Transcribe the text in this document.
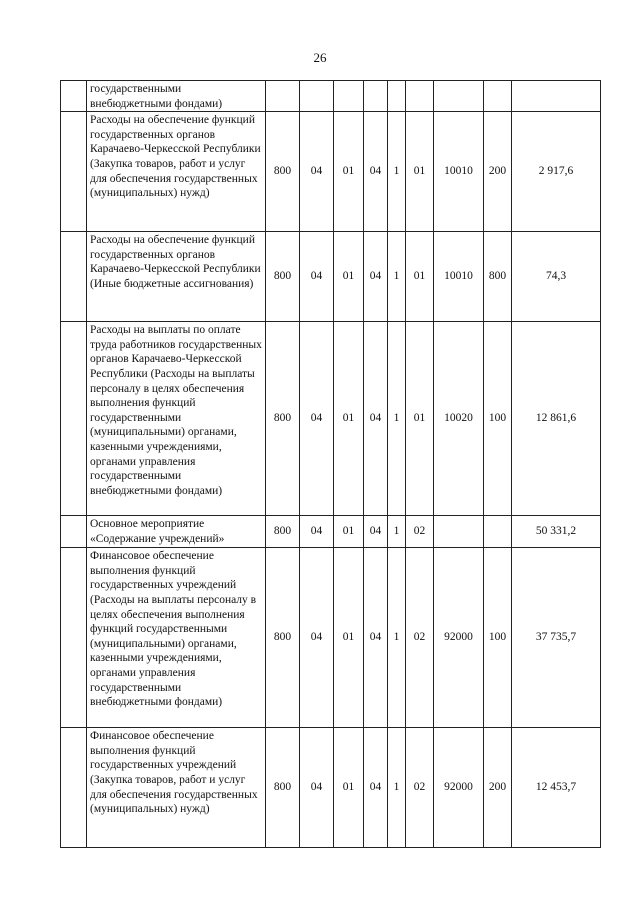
26
	государственными внебюджетными фондами)									
	Расходы на обеспечение функций государственных органов Карачаево-Черкесской Республики (Закупка товаров, работ и услуг для обеспечения государственных (муниципальных) нужд)	800	04	01	04	1	01	10010	200	2 917,6
	Расходы на обеспечение функций государственных органов Карачаево-Черкесской Республики (Иные бюджетные ассигнования)	800	04	01	04	1	01	10010	800	74,3
	Расходы на выплаты по оплате труда работников государственных органов Карачаево-Черкесской Республики (Расходы на выплаты персоналу в целях обеспечения выполнения функций государственными (муниципальными) органами, казенными учреждениями, органами управления государственными внебюджетными фондами)	800	04	01	04	1	01	10020	100	12 861,6
	Основное мероприятие «Содержание учреждений»	800	04	01	04	1	02			50 331,2
	Финансовое обеспечение выполнения функций государственных учреждений (Расходы на выплаты персоналу в целях обеспечения выполнения функций государственными (муниципальными) органами, казенными учреждениями, органами управления государственными внебюджетными фондами)	800	04	01	04	1	02	92000	100	37 735,7
	Финансовое обеспечение выполнения функций государственных учреждений (Закупка товаров, работ и услуг для обеспечения государственных (муниципальных) нужд)	800	04	01	04	1	02	92000	200	12 453,7
